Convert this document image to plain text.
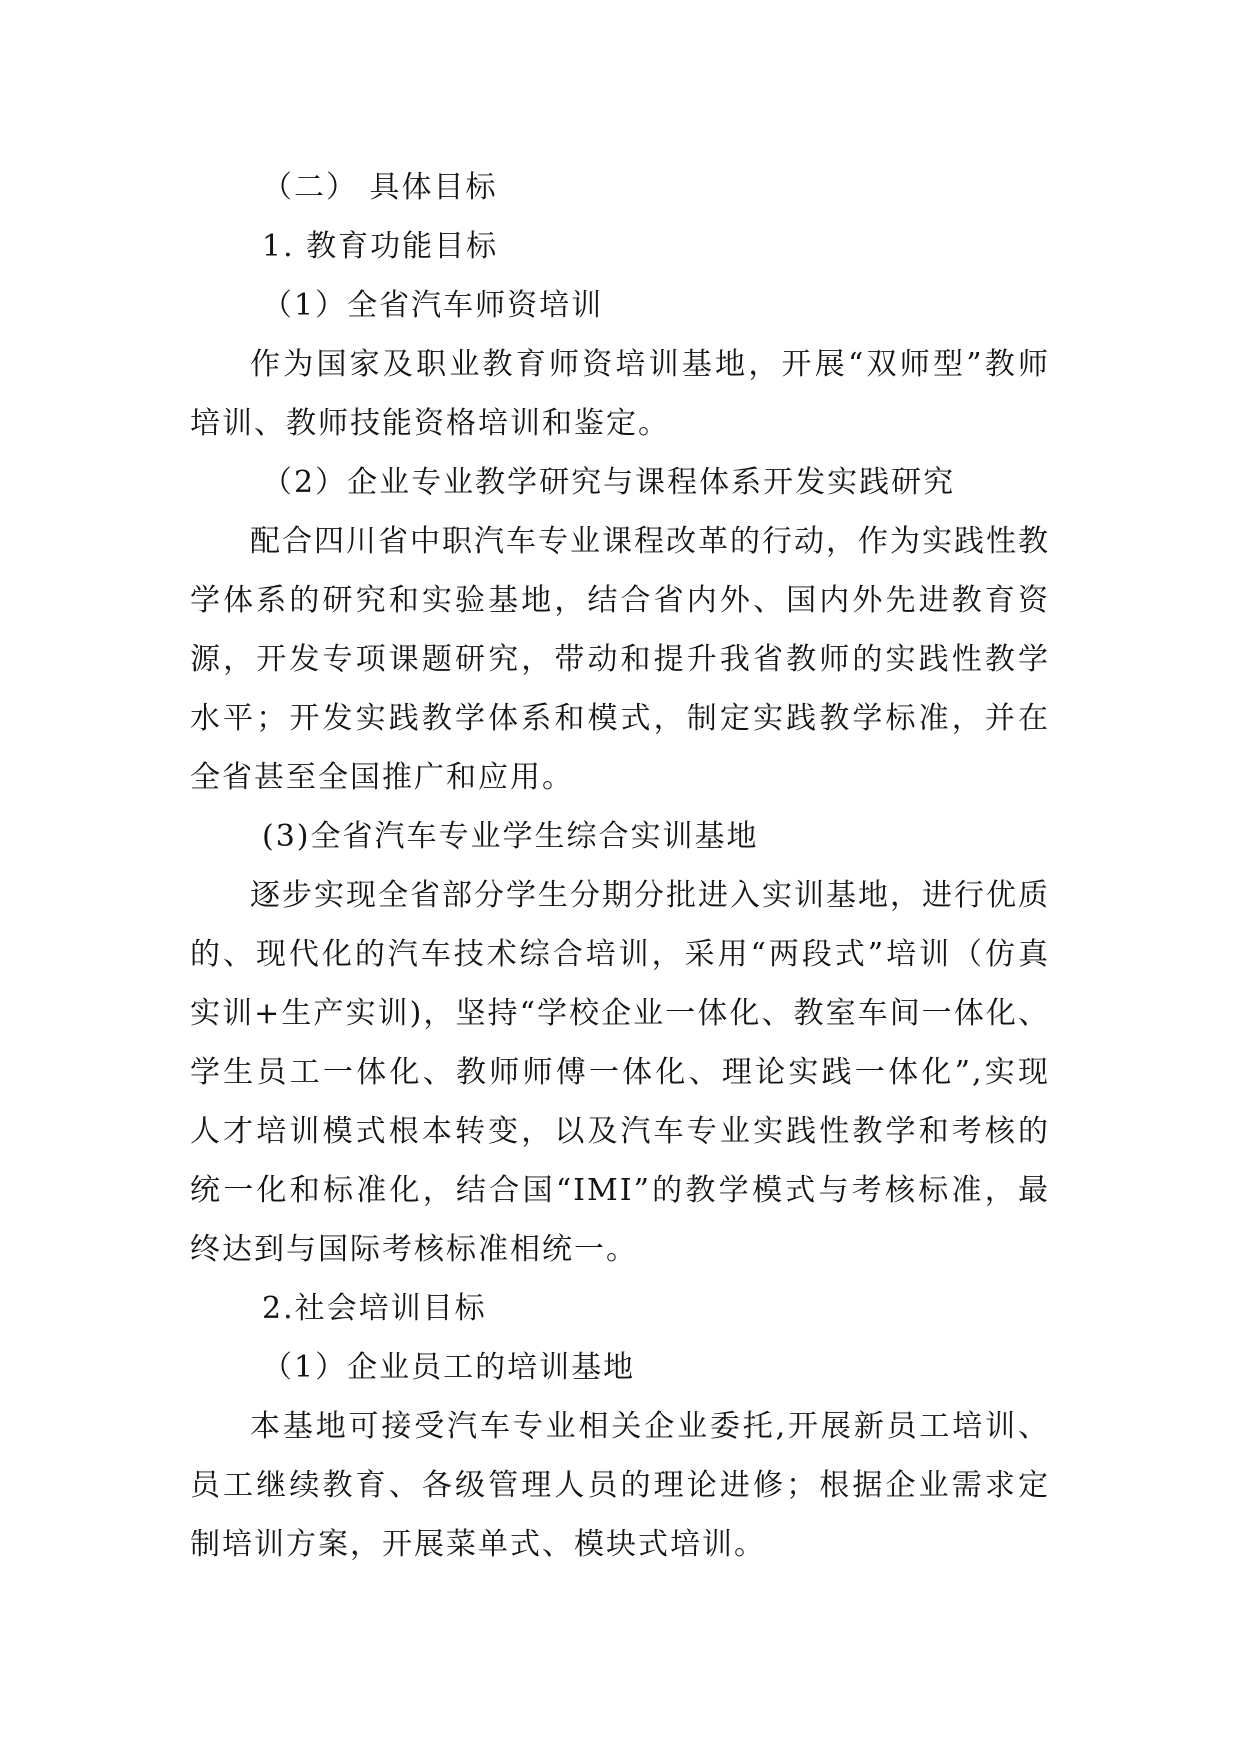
（二） 具体目标

1. 教育功能目标

（1）全省汽车师资培训

作为国家及职业教育师资培训基地，开展“双师型”教师培训、教师技能资格培训和鉴定。

（2）企业专业教学研究与课程体系开发实践研究

配合四川省中职汽车专业课程改革的行动，作为实践性教学体系的研究和实验基地，结合省内外、国内外先进教育资源，开发专项课题研究，带动和提升我省教师的实践性教学水平；开发实践教学体系和模式，制定实践教学标准，并在全省甚至全国推广和应用。

(3)全省汽车专业学生综合实训基地

逐步实现全省部分学生分期分批进入实训基地，进行优质的、现代化的汽车技术综合培训，采用“两段式”培训（仿真实训+生产实训)，坚持“学校企业一体化、教室车间一体化、学生员工一体化、教师师傅一体化、理论实践一体化”,实现人才培训模式根本转变，以及汽车专业实践性教学和考核的统一化和标准化，结合国“IMI”的教学模式与考核标准，最终达到与国际考核标准相统一。

2.社会培训目标

（1）企业员工的培训基地

本基地可接受汽车专业相关企业委托,开展新员工培训、员工继续教育、各级管理人员的理论进修；根据企业需求定制培训方案，开展菜单式、模块式培训。
